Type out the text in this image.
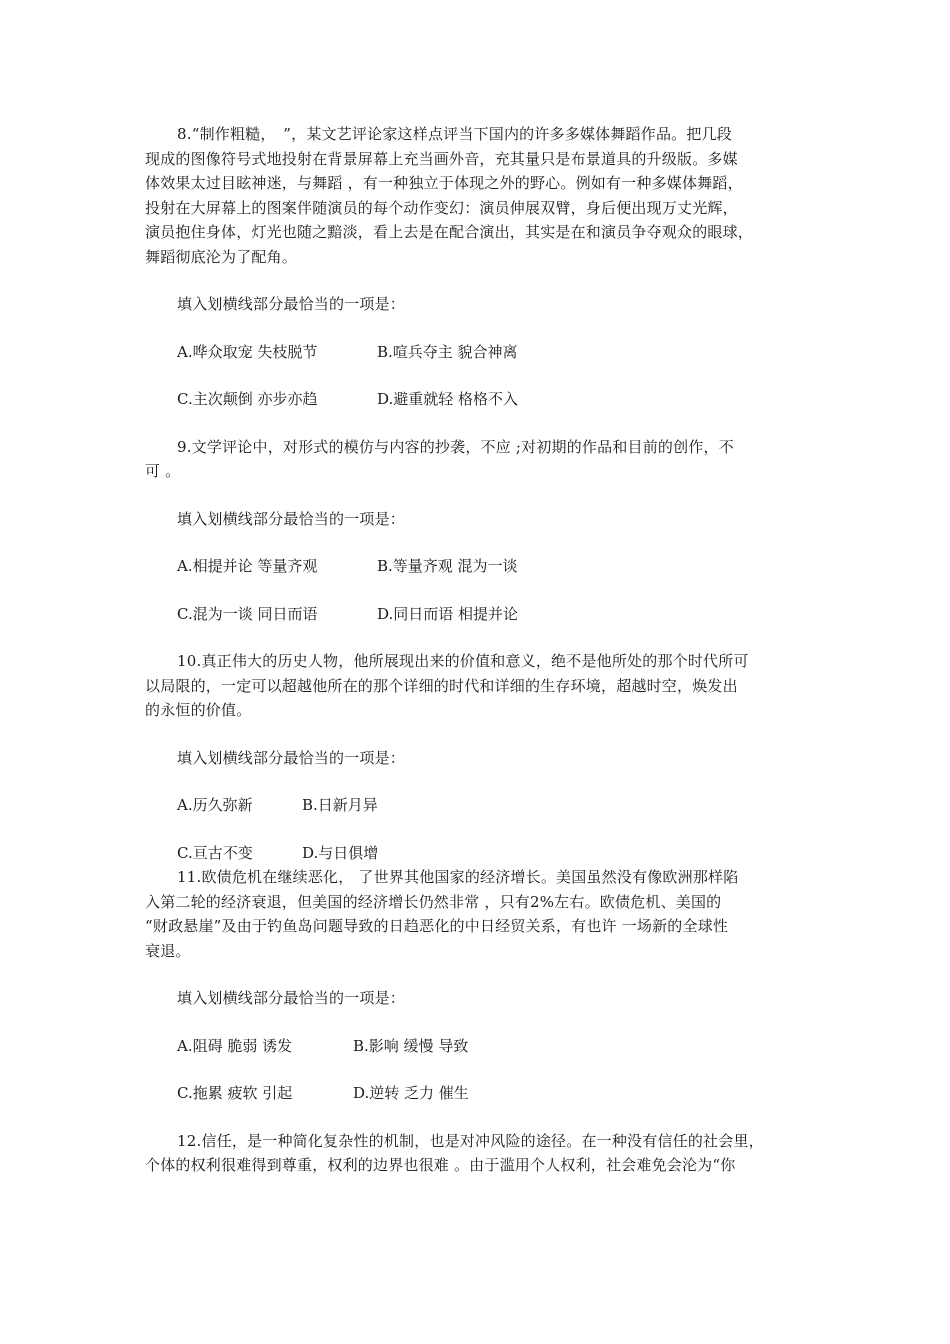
8.“制作粗糙，　”，某文艺评论家这样点评当下国内的许多多媒体舞蹈作品。把几段
现成的图像符号式地投射在背景屏幕上充当画外音，充其量只是布景道具的升级版。多媒
体效果太过目眩神迷，与舞蹈 ，有一种独立于体现之外的野心。例如有一种多媒体舞蹈，
投射在大屏幕上的图案伴随演员的每个动作变幻：演员伸展双臂，身后便出现万丈光辉，
演员抱住身体，灯光也随之黯淡，看上去是在配合演出，其实是在和演员争夺观众的眼球，
舞蹈彻底沦为了配角。
填入划横线部分最恰当的一项是：
A.哗众取宠 失枝脱节	B.喧兵夺主 貌合神离
C.主次颠倒 亦步亦趋	D.避重就轻 格格不入
9.文学评论中，对形式的模仿与内容的抄袭，不应 ;对初期的作品和目前的创作，不
可 。
填入划横线部分最恰当的一项是：
A.相提并论 等量齐观	B.等量齐观 混为一谈
C.混为一谈 同日而语	D.同日而语 相提并论
10.真正伟大的历史人物，他所展现出来的价值和意义，绝不是他所处的那个时代所可
以局限的，一定可以超越他所在的那个详细的时代和详细的生存环境，超越时空，焕发出
的永恒的价值。
填入划横线部分最恰当的一项是：
A.历久弥新	B.日新月异
C.亘古不变	D.与日俱增
11.欧债危机在继续恶化， 了世界其他国家的经济增长。美国虽然没有像欧洲那样陷
入第二轮的经济衰退，但美国的经济增长仍然非常 ，只有2%左右。欧债危机、美国的
“财政悬崖”及由于钓鱼岛问题导致的日趋恶化的中日经贸关系，有也许 一场新的全球性
衰退。
填入划横线部分最恰当的一项是：
A.阻碍 脆弱 诱发	B.影响 缓慢 导致
C.拖累 疲软 引起	D.逆转 乏力 催生
12.信任，是一种简化复杂性的机制，也是对冲风险的途径。在一种没有信任的社会里，
个体的权利很难得到尊重，权利的边界也很难 。由于滥用个人权利，社会难免会沦为“你
